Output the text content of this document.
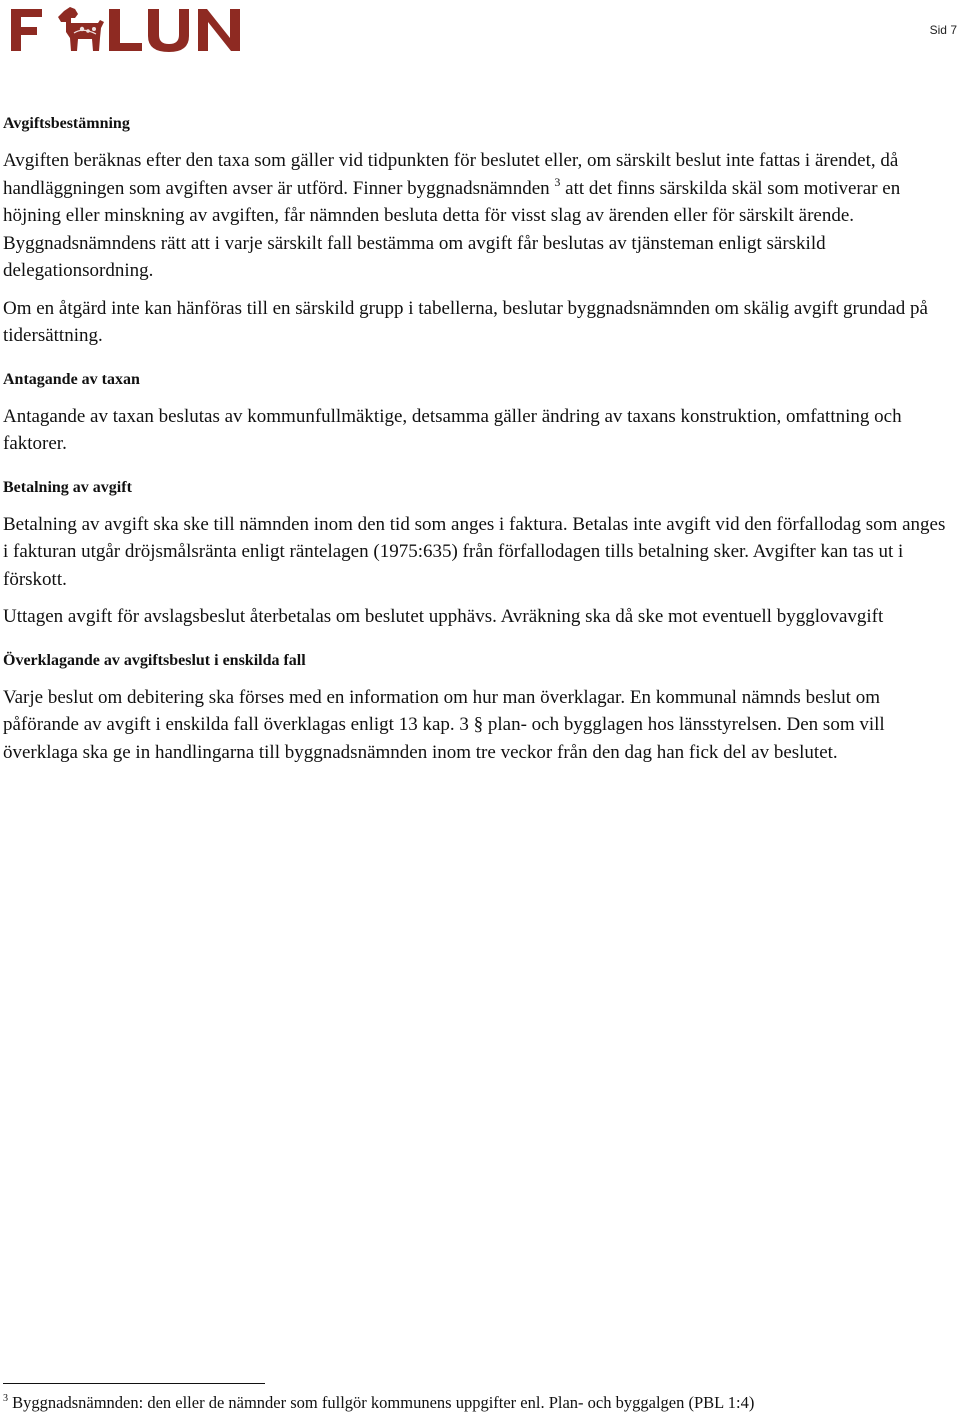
Sid 7
Avgiftsbestämning

Avgiften beräknas efter den taxa som gäller vid tidpunkten för beslutet eller, om särskilt beslut inte fattas i ärendet, då handläggningen som avgiften avser är utförd. Finner byggnadsnämnden $^3$ att det finns särskilda skäl som motiverar en höjning eller minskning av avgiften, får nämnden besluta detta för visst slag av ärenden eller för särskilt ärende. Byggnadsnämndens rätt att i varje särskilt fall bestämma om avgift får beslutas av tjänsteman enligt särskild delegationsordning.

Om en åtgärd inte kan hänföras till en särskild grupp i tabellerna, beslutar byggnadsnämnden om skälig avgift grundad på tidersättning.

Antagande av taxan

Antagande av taxan beslutas av kommunfullmäktige, detsamma gäller ändring av taxans konstruktion, omfattning och faktorer.

Betalning av avgift

Betalning av avgift ska ske till nämnden inom den tid som anges i faktura. Betalas inte avgift vid den förfallodag som anges i fakturan utgår dröjsmålsränta enligt räntelagen (1975:635) från förfallodagen tills betalning sker. Avgifter kan tas ut i förskott.

Uttagen avgift för avslagsbeslut återbetalas om beslutet upphävs. Avräkning ska då ske mot eventuell bygglovavgift

Överklagande av avgiftsbeslut i enskilda fall

Varje beslut om debitering ska förses med en information om hur man överklagar. En kommunal nämnds beslut om påförande av avgift i enskilda fall överklagas enligt 13 kap. 3 § plan- och bygglagen hos länsstyrelsen. Den som vill överklaga ska ge in handlingarna till byggnadsnämnden inom tre veckor från den dag han fick del av beslutet.

$^3$ Byggnadsnämnden: den eller de nämnder som fullgör kommunens uppgifter enl. Plan- och byggalgen (PBL 1:4)
